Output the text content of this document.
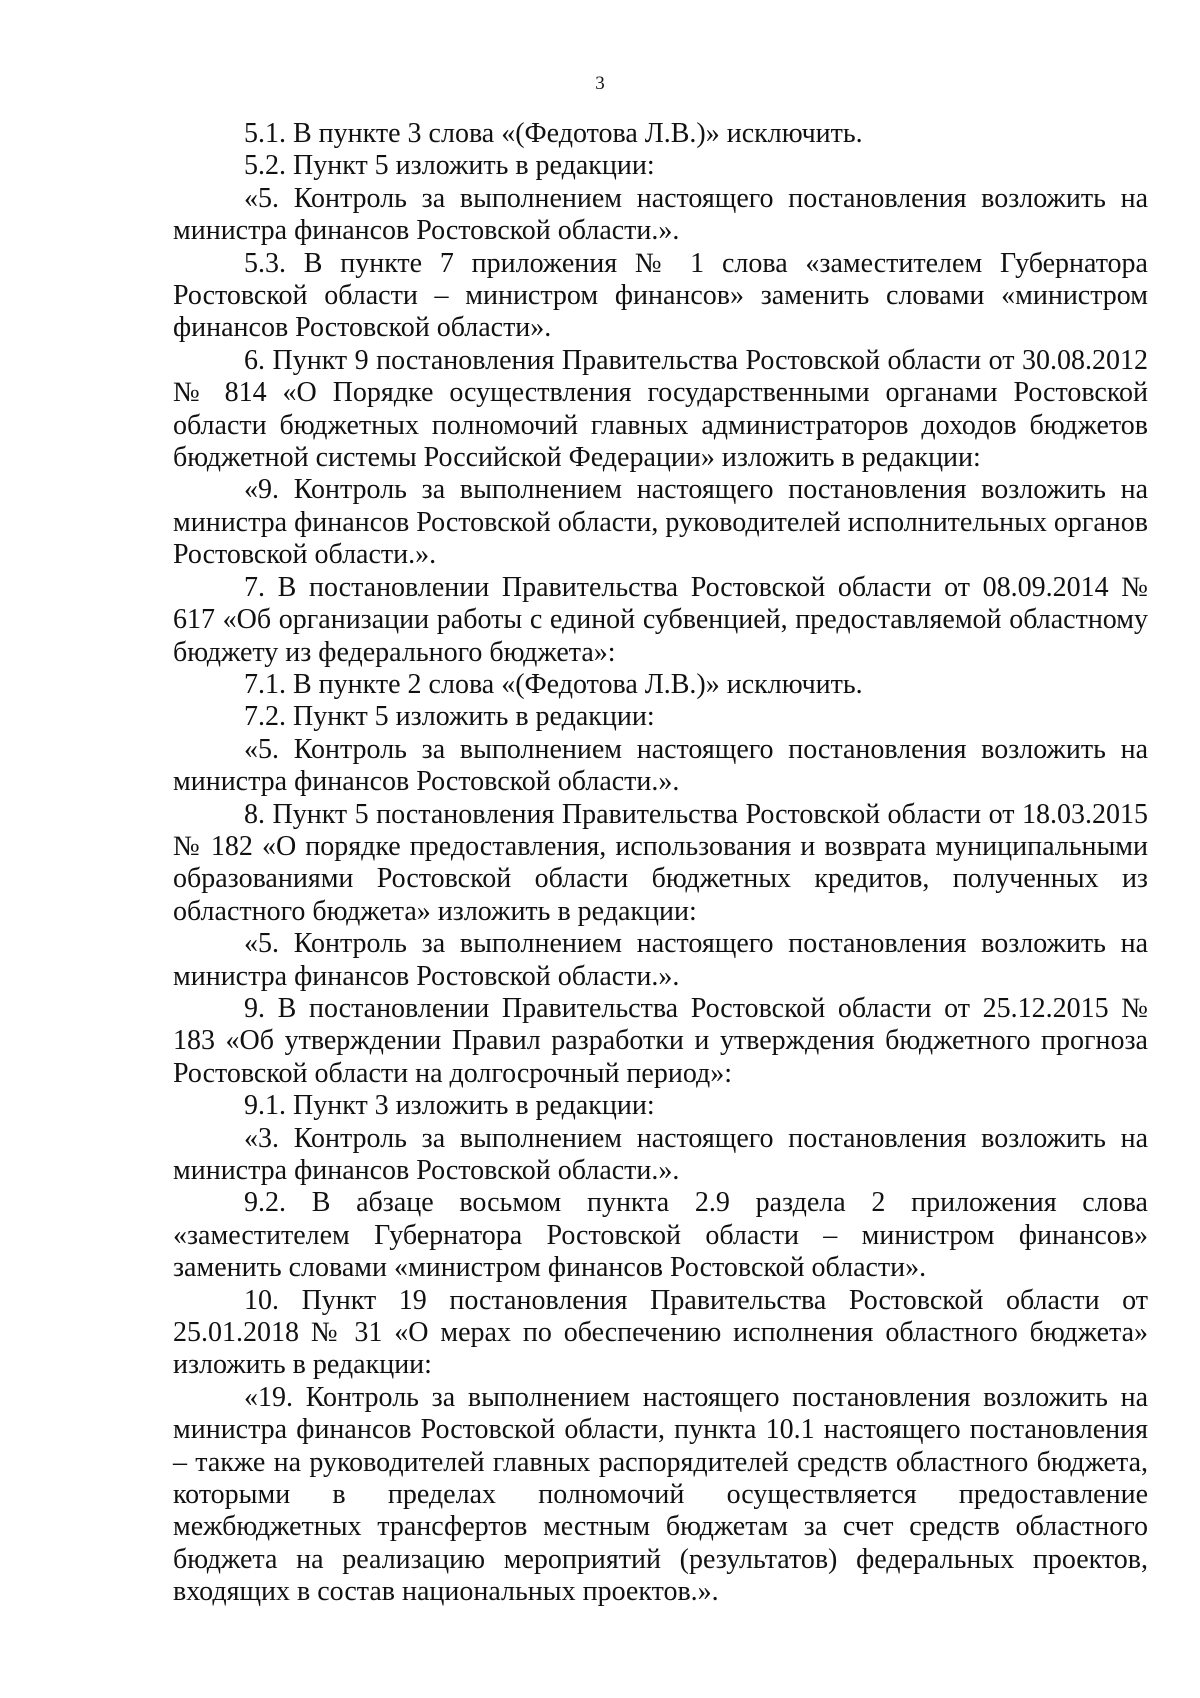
3

5.1. В пункте 3 слова «(Федотова Л.В.)» исключить.

5.2. Пункт 5 изложить в редакции:

«5. Контроль за выполнением настоящего постановления возложить на министра финансов Ростовской области.».

5.3. В пункте 7 приложения № 1 слова «заместителем Губернатора Ростовской области – министром финансов» заменить словами «министром финансов Ростовской области».

6. Пункт 9 постановления Правительства Ростовской области от 30.08.2012 № 814 «О Порядке осуществления государственными органами Ростовской области бюджетных полномочий главных администраторов доходов бюджетов бюджетной системы Российской Федерации» изложить в редакции:

«9. Контроль за выполнением настоящего постановления возложить на министра финансов Ростовской области, руководителей исполнительных органов Ростовской области.».

7. В постановлении Правительства Ростовской области от 08.09.2014 № 617 «Об организации работы с единой субвенцией, предоставляемой областному бюджету из федерального бюджета»:

7.1. В пункте 2 слова «(Федотова Л.В.)» исключить.

7.2. Пункт 5 изложить в редакции:

«5. Контроль за выполнением настоящего постановления возложить на министра финансов Ростовской области.».

8. Пункт 5 постановления Правительства Ростовской области от 18.03.2015 № 182 «О порядке предоставления, использования и возврата муниципальными образованиями Ростовской области бюджетных кредитов, полученных из областного бюджета» изложить в редакции:

«5. Контроль за выполнением настоящего постановления возложить на министра финансов Ростовской области.».

9. В постановлении Правительства Ростовской области от 25.12.2015 № 183 «Об утверждении Правил разработки и утверждения бюджетного прогноза Ростовской области на долгосрочный период»:

9.1. Пункт 3 изложить в редакции:

«3. Контроль за выполнением настоящего постановления возложить на министра финансов Ростовской области.».

9.2. В абзаце восьмом пункта 2.9 раздела 2 приложения слова «заместителем Губернатора Ростовской области – министром финансов» заменить словами «министром финансов Ростовской области».

10. Пункт 19 постановления Правительства Ростовской области от 25.01.2018 № 31 «О мерах по обеспечению исполнения областного бюджета» изложить в редакции:

«19. Контроль за выполнением настоящего постановления возложить на министра финансов Ростовской области, пункта 10.1 настоящего постановления – также на руководителей главных распорядителей средств областного бюджета, которыми в пределах полномочий осуществляется предоставление межбюджетных трансфертов местным бюджетам за счет средств областного бюджета на реализацию мероприятий (результатов) федеральных проектов, входящих в состав национальных проектов.».
